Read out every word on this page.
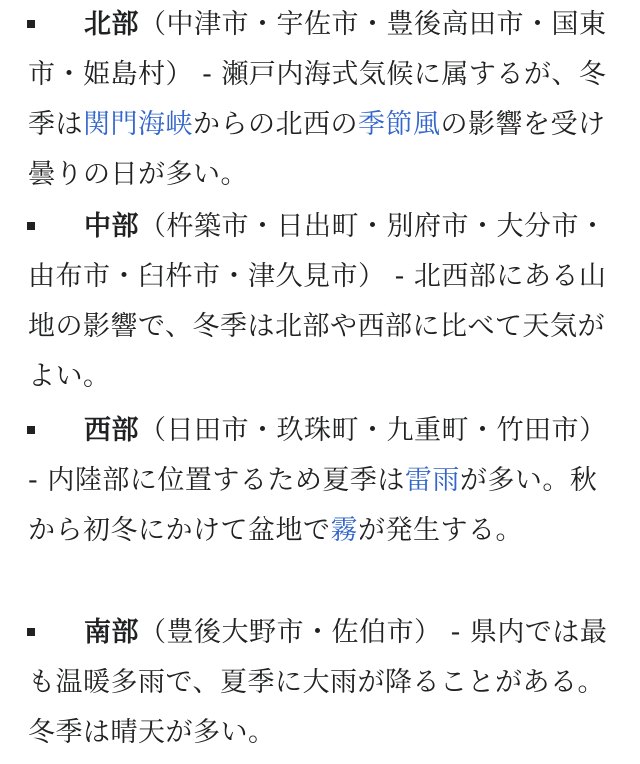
北部（中津市・宇佐市・豊後高田市・国東市・姫島村） - 瀬戸内海式気候に属するが、冬季は関門海峡からの北西の季節風の影響を受け曇りの日が多い。
中部（杵築市・日出町・別府市・大分市・由布市・臼杵市・津久見市） - 北西部にある山地の影響で、冬季は北部や西部に比べて天気がよい。
西部（日田市・玖珠町・九重町・竹田市） - 内陸部に位置するため夏季は雷雨が多い。秋から初冬にかけて盆地で霧が発生する。
南部（豊後大野市・佐伯市） - 県内では最も温暖多雨で、夏季に大雨が降ることがある。冬季は晴天が多い。
